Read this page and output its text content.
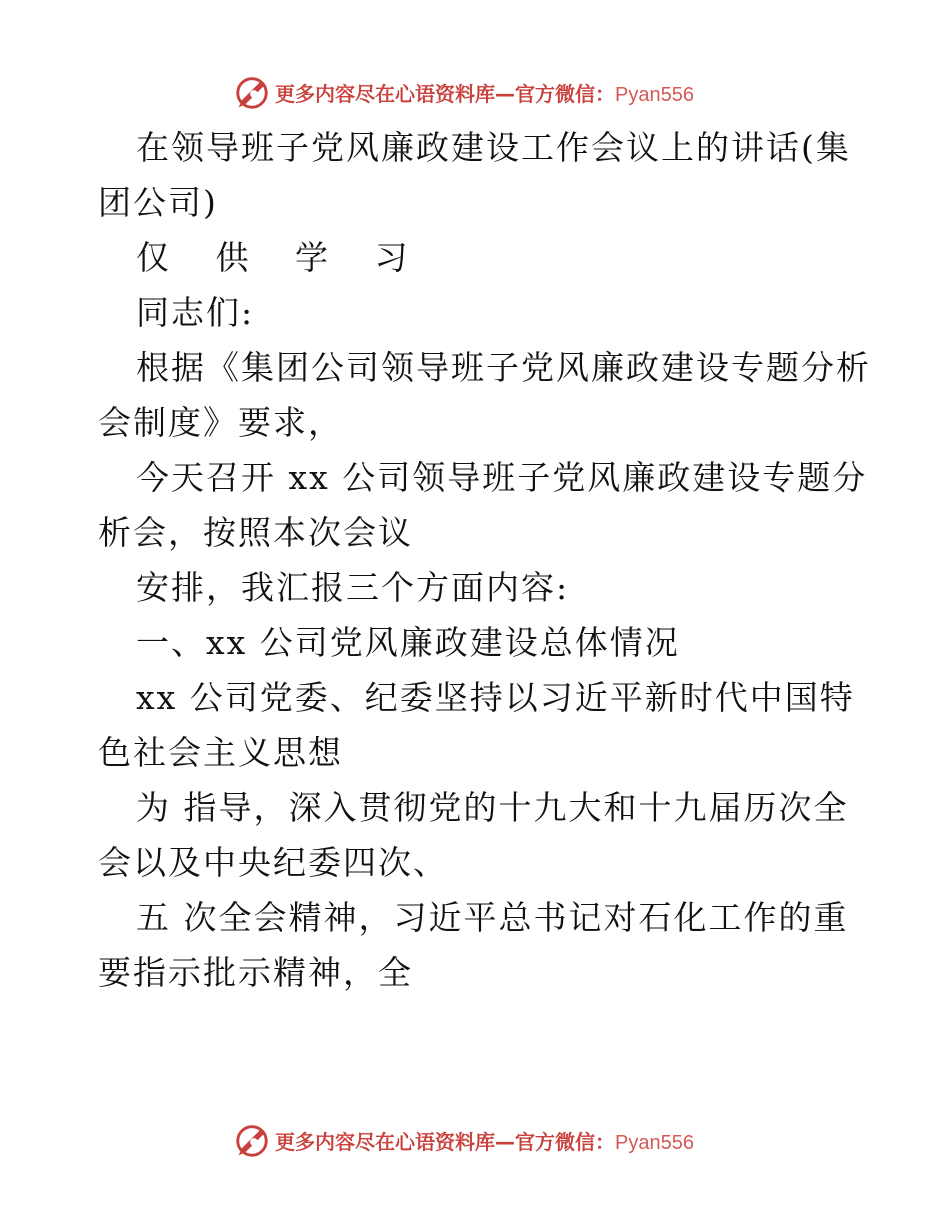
更多内容尽在心语资料库—官方微信：Pyan556
在领导班子党风廉政建设工作会议上的讲话(集
团公司)
仅 供 学 习
同志们:
根据《集团公司领导班子党风廉政建设专题分析
会制度》要求，
今天召开 xx 公司领导班子党风廉政建设专题分
析会，按照本次会议
安排，我汇报三个方面内容:
一、xx 公司党风廉政建设总体情况
xx 公司党委、纪委坚持以习近平新时代中国特
色社会主义思想
为 指导，深入贯彻党的十九大和十九届历次全
会以及中央纪委四次、
五 次全会精神，习近平总书记对石化工作的重
要指示批示精神，全
更多内容尽在心语资料库—官方微信：Pyan556
